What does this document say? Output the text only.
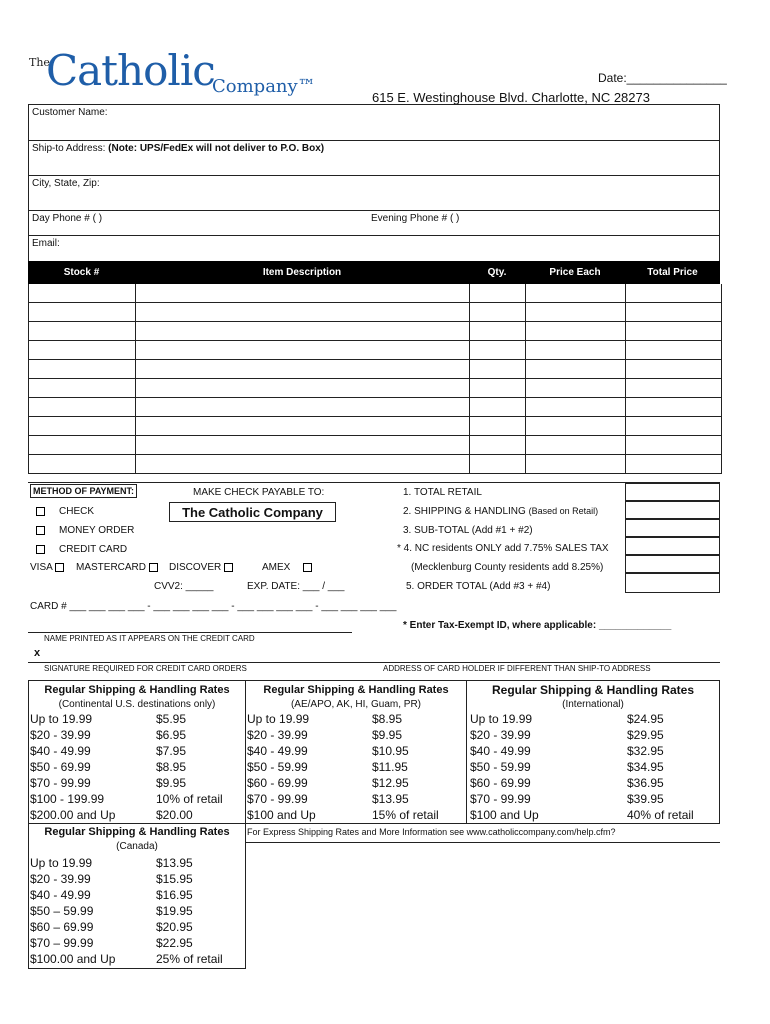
The
Catholic
Company™	Date:_______________
615 E. Westinghouse Blvd. Charlotte, NC 28273
Customer Name:
Ship-to Address: (Note: UPS/FedEx will not deliver to P.O. Box)
City, State, Zip:
Day Phone # ( )	Evening Phone # ( )
Email:
Stock #	Item Description	Qty.	Price Each	Total Price
METHOD OF PAYMENT:	MAKE CHECK PAYABLE TO:
The Catholic Company
CHECK
MONEY ORDER
CREDIT CARD
VISA	MASTERCARD	DISCOVER	AMEX
CVV2: _____	EXP. DATE: ___ / ___
CARD # ___ ___ ___ ___ - ___ ___ ___ ___ - ___ ___ ___ ___ - ___ ___ ___ ___
1. TOTAL RETAIL
2. SHIPPING & HANDLING (Based on Retail)
3. SUB-TOTAL (Add #1 + #2)
* 4. NC residents ONLY add 7.75% SALES TAX
(Mecklenburg County residents add 8.25%)
5. ORDER TOTAL (Add #3 + #4)
* Enter Tax-Exempt ID, where applicable: _____________
NAME PRINTED AS IT APPEARS ON THE CREDIT CARD
x
SIGNATURE REQUIRED FOR CREDIT CARD ORDERS	ADDRESS OF CARD HOLDER IF DIFFERENT THAN SHIP-TO ADDRESS
Regular Shipping & Handling Rates
(Continental U.S. destinations only)
Regular Shipping & Handling Rates
(AE/APO, AK, HI, Guam, PR)
Regular Shipping & Handling Rates
(International)
Regular Shipping & Handling Rates
(Canada)
Up to 19.99	$5.95
$20 - 39.99	$6.95
$40 - 49.99	$7.95
$50 - 69.99	$8.95
$70 - 99.99	$9.95
$100 - 199.99	10% of retail
$200.00 and Up	$20.00
Up to 19.99	$8.95
$20 - 39.99	$9.95
$40 - 49.99	$10.95
$50 - 59.99	$11.95
$60 - 69.99	$12.95
$70 - 99.99	$13.95
$100 and Up	15% of retail
Up to 19.99	$24.95
$20 - 39.99	$29.95
$40 - 49.99	$32.95
$50 - 59.99	$34.95
$60 - 69.99	$36.95
$70 - 99.99	$39.95
$100 and Up	40% of retail
Up to 19.99	$13.95
$20 - 39.99	$15.95
$40 - 49.99	$16.95
$50 – 59.99	$19.95
$60 – 69.99	$20.95
$70 – 99.99	$22.95
$100.00 and Up	25% of retail
For Express Shipping Rates and More Information see www.catholiccompany.com/help.cfm?
